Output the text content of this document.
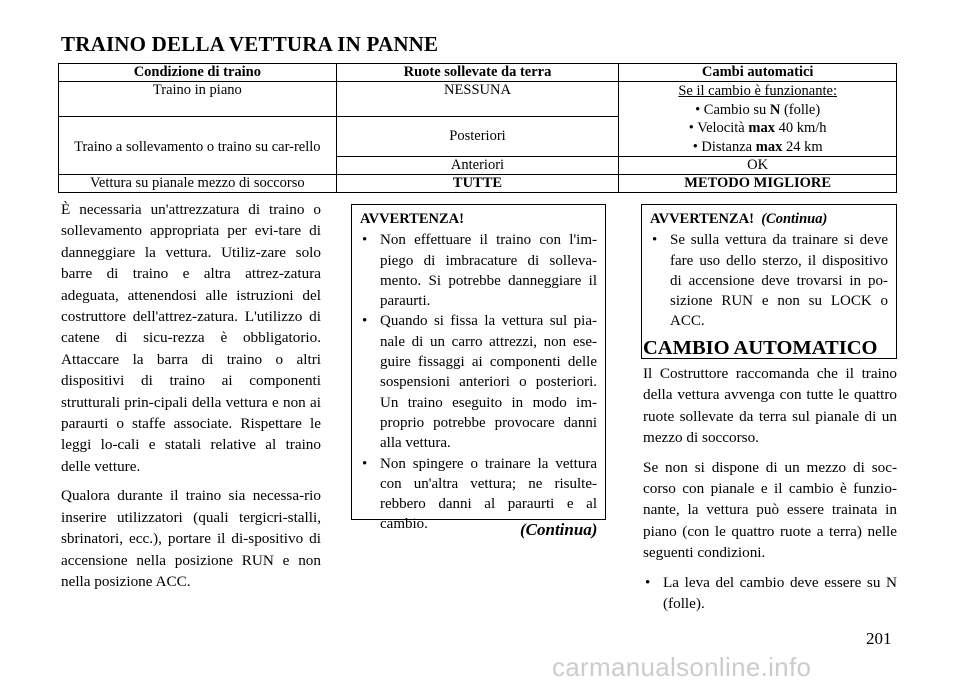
TRAINO DELLA VETTURA IN PANNE
Condizione di traino	Ruote sollevate da terra	Cambi automatici
Traino in piano	NESSUNA	Se il cambio è funzionante:
• Cambio su N (folle)
• Velocità max 40 km/h
• Distanza max 24 km

Traino a sollevamento o traino su car-rello	Posteriori	
	Anteriori	OK
Vettura su pianale mezzo di soccorso	TUTTE	METODO MIGLIORE

È necessaria un'attrezzatura di traino o sollevamento appropriata per evi-tare di danneggiare la vettura. Utiliz-zare solo barre di traino e altra attrez-zatura adeguata, attenendosi alle istruzioni del costruttore dell'attrez-zatura. L'utilizzo di catene di sicu-rezza è obbligatorio. Attaccare la barra di traino o altri dispositivi di traino ai componenti strutturali prin-cipali della vettura e non ai paraurti o staffe associate. Rispettare le leggi lo-cali e statali relative al traino delle vetture.

Qualora durante il traino sia necessa-rio inserire utilizzatori (quali tergicri-stalli, sbrinatori, ecc.), portare il di-spositivo di accensione nella posizione RUN e non nella posizione ACC.

AVVERTENZA!
• Non effettuare il traino con l'im-piego di imbracature di solleva-mento. Si potrebbe danneggiare il paraurti.
• Quando si fissa la vettura sul pia-nale di un carro attrezzi, non ese-guire fissaggi ai componenti delle sospensioni anteriori o posteriori. Un traino eseguito in modo im-proprio potrebbe provocare danni alla vettura.
• Non spingere o trainare la vettura con un'altra vettura; ne risulte-rebbero danni al paraurti e al cambio.	(Continua)
AVVERTENZA! (Continua)
• Se sulla vettura da trainare si deve fare uso dello sterzo, il dispositivo di accensione deve trovarsi in po-sizione RUN e non su LOCK o ACC.
CAMBIO AUTOMATICO

Il Costruttore raccomanda che il traino della vettura avvenga con tutte le quattro ruote sollevate da terra sul pianale di un mezzo di soccorso.

Se non si dispone di un mezzo di soc-corso con pianale e il cambio è funzio-nante, la vettura può essere trainata in piano (con le quattro ruote a terra) nelle seguenti condizioni.

• La leva del cambio deve essere su N (folle).
201
carmanualsonline.info
